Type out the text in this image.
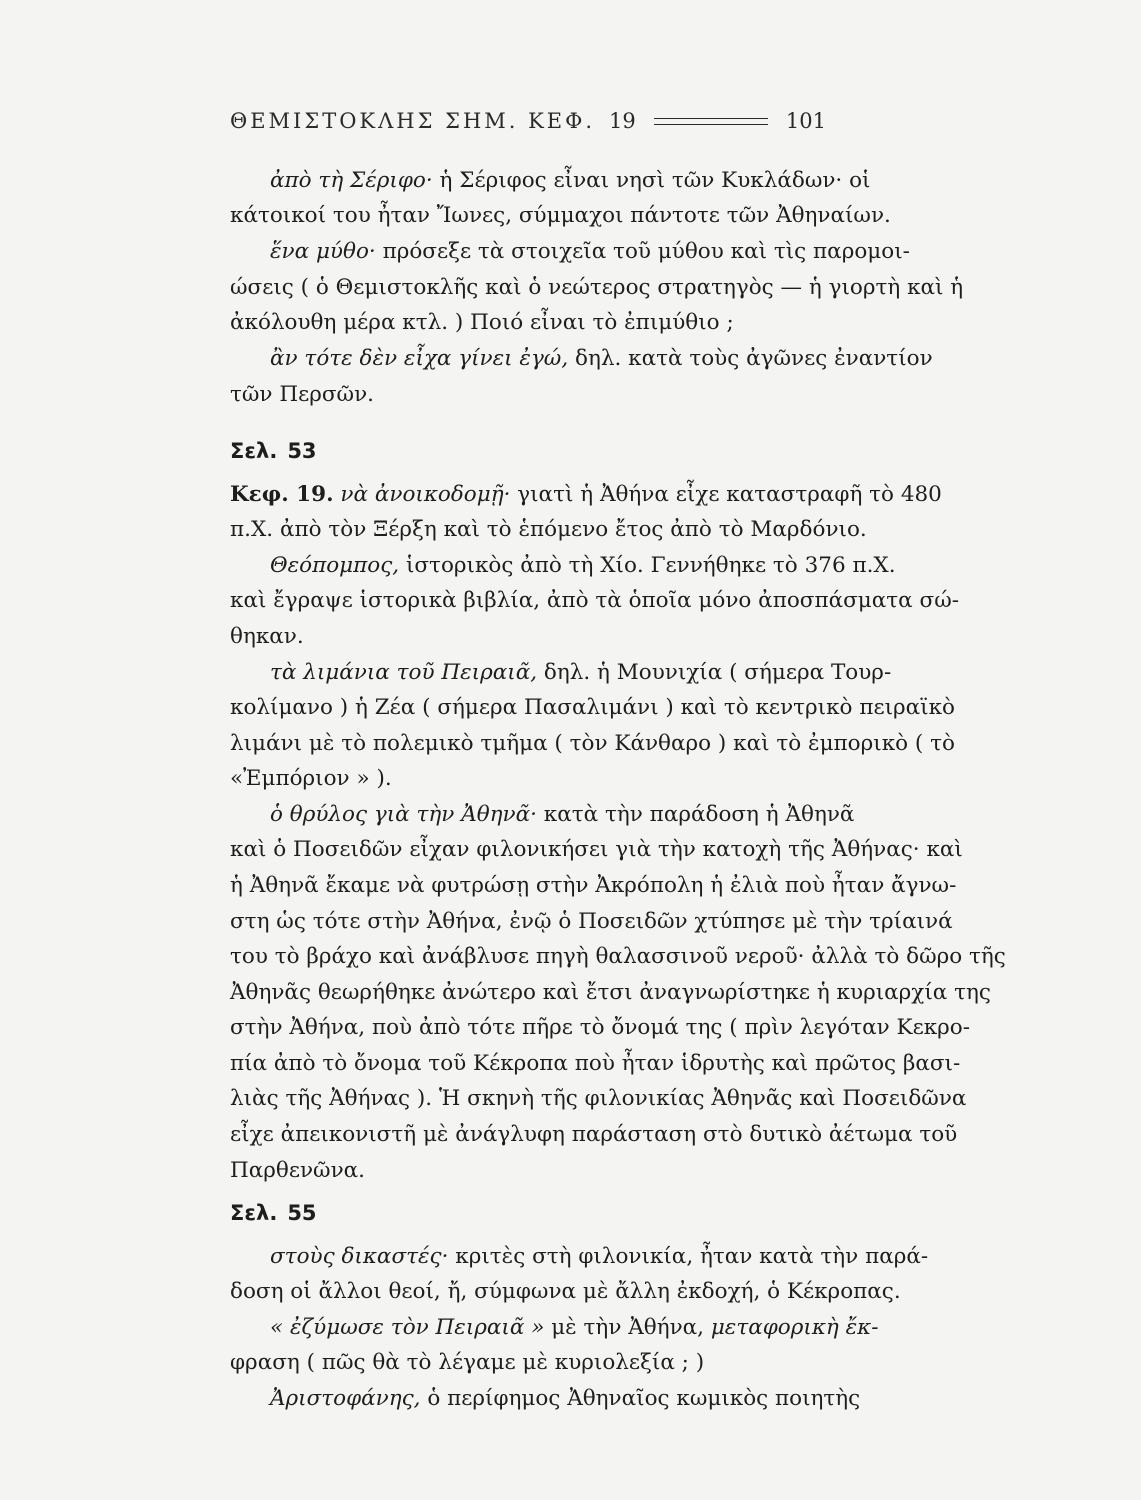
ΘΕΜΙΣΤΟΚΛΗΣ ΣΗΜ. ΚΕΦ. 19	101
ἀπὸ τὴ Σέριφο· ἡ Σέριφος εἶναι νησὶ τῶν Κυκλάδων· οἱ
κάτοικοί του ἦταν Ἴωνες, σύμμαχοι πάντοτε τῶν Ἀθηναίων.
ἕνα μύθο· πρόσεξε τὰ στοιχεῖα τοῦ μύθου καὶ τὶς παρομοι-
ώσεις ( ὁ Θεμιστοκλῆς καὶ ὁ νεώτερος στρατηγὸς — ἡ γιορτὴ καὶ ἡ
ἀκόλουθη μέρα κτλ. ) Ποιό εἶναι τὸ ἐπιμύθιο ;
ἂν τότε δὲν εἶχα γίνει ἐγώ, δηλ. κατὰ τοὺς ἀγῶνες ἐναντίον
τῶν Περσῶν.
Σελ. 53
Κεφ. 19. νὰ ἀνοικοδομῇ· γιατὶ ἡ Ἀθήνα εἶχε καταστραφῆ τὸ 480
π.Χ. ἀπὸ τὸν Ξέρξη καὶ τὸ ἑπόμενο ἔτος ἀπὸ τὸ Μαρδόνιο.
Θεόπομπος, ἱστορικὸς ἀπὸ τὴ Χίο. Γεννήθηκε τὸ 376 π.Χ.
καὶ ἔγραψε ἱστορικὰ βιβλία, ἀπὸ τὰ ὁποῖα μόνο ἀποσπάσματα σώ-
θηκαν.
τὰ λιμάνια τοῦ Πειραιᾶ, δηλ. ἡ Μουνιχία ( σήμερα Τουρ-
κολίμανο ) ἡ Ζέα ( σήμερα Πασαλιμάνι ) καὶ τὸ κεντρικὸ πειραϊκὸ
λιμάνι μὲ τὸ πολεμικὸ τμῆμα ( τὸν Κάνθαρο ) καὶ τὸ ἐμπορικὸ ( τὸ
«Ἐμπόριον » ).
ὁ θρύλος γιὰ τὴν Ἀθηνᾶ· κατὰ τὴν παράδοση ἡ Ἀθηνᾶ
καὶ ὁ Ποσειδῶν εἶχαν φιλονικήσει γιὰ τὴν κατοχὴ τῆς Ἀθήνας· καὶ
ἡ Ἀθηνᾶ ἔκαμε νὰ φυτρώσῃ στὴν Ἀκρόπολη ἡ ἐλιὰ ποὺ ἦταν ἄγνω-
στη ὡς τότε στὴν Ἀθήνα, ἐνῷ ὁ Ποσειδῶν χτύπησε μὲ τὴν τρίαινά
του τὸ βράχο καὶ ἀνάβλυσε πηγὴ θαλασσινοῦ νεροῦ· ἀλλὰ τὸ δῶρο τῆς
Ἀθηνᾶς θεωρήθηκε ἀνώτερο καὶ ἔτσι ἀναγνωρίστηκε ἡ κυριαρχία της
στὴν Ἀθήνα, ποὺ ἀπὸ τότε πῆρε τὸ ὄνομά της ( πρὶν λεγόταν Κεκρο-
πία ἀπὸ τὸ ὄνομα τοῦ Κέκροπα ποὺ ἦταν ἱδρυτὴς καὶ πρῶτος βασι-
λιὰς τῆς Ἀθήνας ). Ἡ σκηνὴ τῆς φιλονικίας Ἀθηνᾶς καὶ Ποσειδῶνα
εἶχε ἀπεικονιστῆ μὲ ἀνάγλυφη παράσταση στὸ δυτικὸ ἀέτωμα τοῦ
Παρθενῶνα.
Σελ. 55
στοὺς δικαστές· κριτὲς στὴ φιλονικία, ἦταν κατὰ τὴν παρά-
δοση οἱ ἄλλοι θεοί, ἤ, σύμφωνα μὲ ἄλλη ἐκδοχή, ὁ Κέκροπας.
« ἐζύμωσε τὸν Πειραιᾶ » μὲ τὴν Ἀθήνα, μεταφορικὴ ἔκ-
φραση ( πῶς θὰ τὸ λέγαμε μὲ κυριολεξία ; )
Ἀριστοφάνης, ὁ περίφημος Ἀθηναῖος κωμικὸς ποιητὴς
